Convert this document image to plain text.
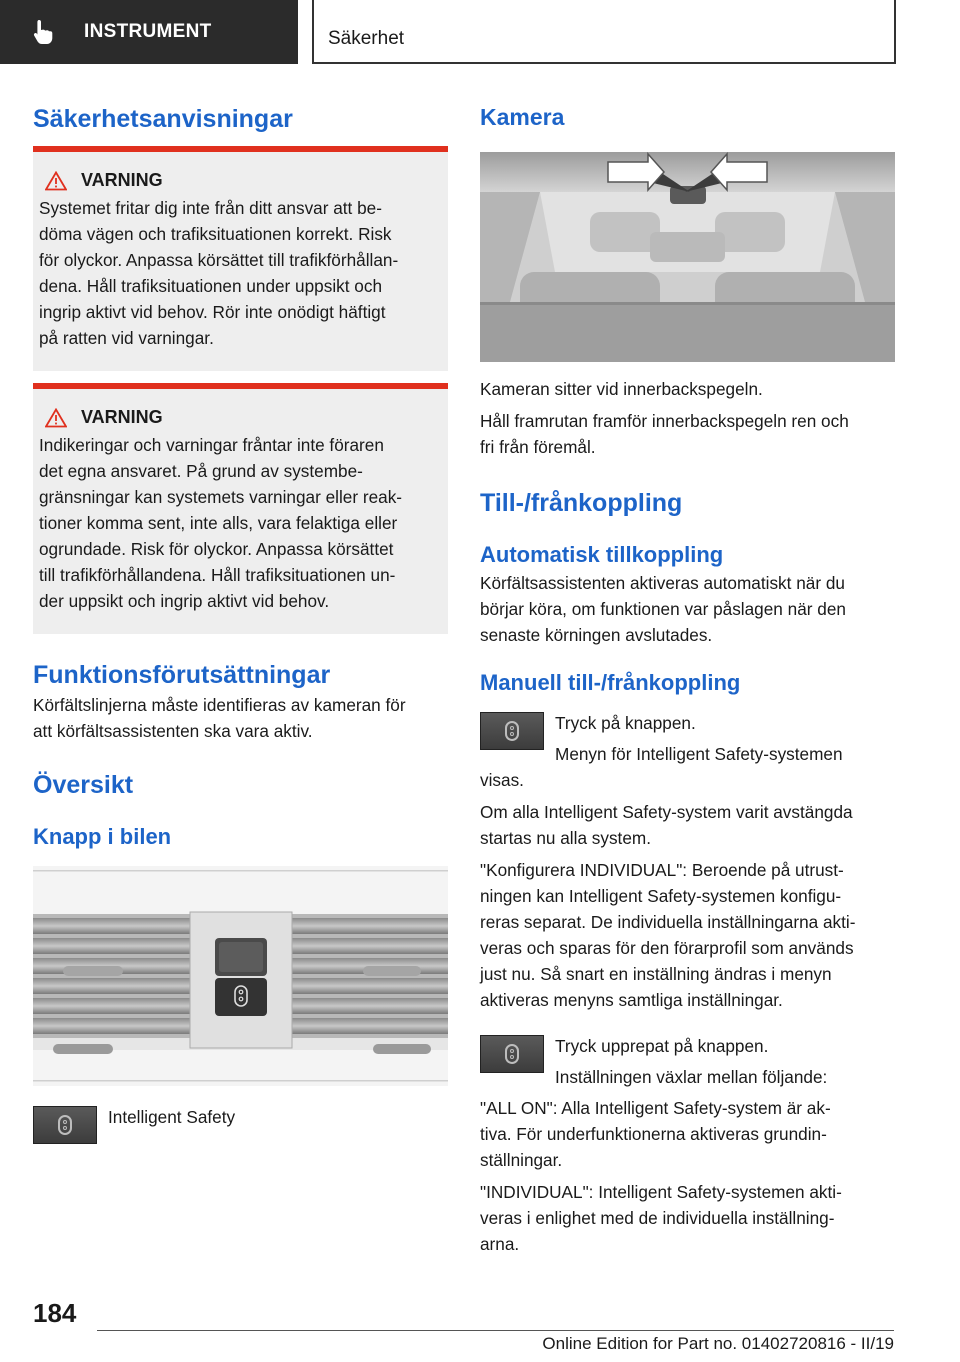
INSTRUMENT	Säkerhet
Säkerhetsanvisningar
VARNING

Systemet fritar dig inte från ditt ansvar att be-
döma vägen och trafiksituationen korrekt. Risk
för olyckor. Anpassa körsättet till trafikförhållan-
dena. Håll trafiksituationen under uppsikt och
ingrip aktivt vid behov. Rör inte onödigt häftigt
på ratten vid varningar.

VARNING

Indikeringar och varningar fråntar inte föraren
det egna ansvaret. På grund av systembe-
gränsningar kan systemets varningar eller reak-
tioner komma sent, inte alls, vara felaktiga eller
ogrundade. Risk för olyckor. Anpassa körsättet
till trafikförhållandena. Håll trafiksituationen un-
der uppsikt och ingrip aktivt vid behov.

Funktionsförutsättningar

Körfältslinjerna måste identifieras av kameran för
att körfältsassistenten ska vara aktiv.

Översikt
Knapp i bilen

Intelligent Safety

Kamera

Kameran sitter vid innerbackspegeln.

Håll framrutan framför innerbackspegeln ren och
fri från föremål.

Till-/frånkoppling
Automatisk tillkoppling

Körfältsassistenten aktiveras automatiskt när du
börjar köra, om funktionen var påslagen när den
senaste körningen avslutades.

Manuell till-/frånkoppling

Tryck på knappen.

Menyn för Intelligent Safety-systemen

visas.

Om alla Intelligent Safety-system varit avstängda
startas nu alla system.

"Konfigurera INDIVIDUAL": Beroende på utrust-
ningen kan Intelligent Safety-systemen konfigu-
reras separat. De individuella inställningarna akti-
veras och sparas för den förarprofil som används
just nu. Så snart en inställning ändras i menyn
aktiveras menyns samtliga inställningar.

Tryck upprepat på knappen.

Inställningen växlar mellan följande:

"ALL ON": Alla Intelligent Safety-system är ak-
tiva. För underfunktionerna aktiveras grundin-
ställningar.

"INDIVIDUAL": Intelligent Safety-systemen akti-
veras i enlighet med de individuella inställning-
arna.

184
Online Edition for Part no. 01402720816 - II/19
